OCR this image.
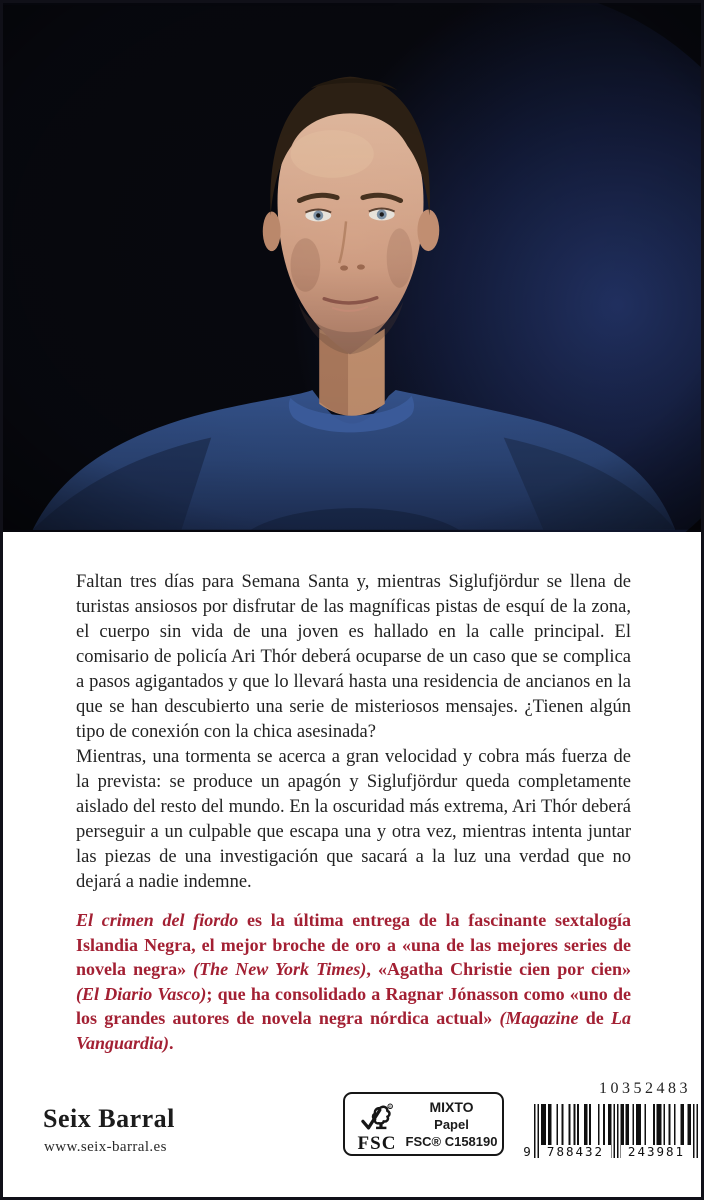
Faltan tres días para Semana Santa y, mientras Siglufjördur se llena de turistas ansiosos por disfrutar de las magníficas pistas de esquí de la zona, el cuerpo sin vida de una joven es hallado en la calle principal. El comisario de policía Ari Thór deberá ocuparse de un caso que se complica a pasos agigantados y que lo llevará hasta una residencia de ancianos en la que se han descubierto una serie de misteriosos mensajes. ¿Tienen algún tipo de conexión con la chica asesinada?

Mientras, una tormenta se acerca a gran velocidad y cobra más fuerza de la prevista: se produce un apagón y Siglufjördur queda completamente aislado del resto del mundo. En la oscuridad más extrema, Ari Thór deberá perseguir a un culpable que escapa una y otra vez, mientras intenta juntar las piezas de una investigación que sacará a la luz una verdad que no dejará a nadie indemne.

El crimen del fiordo es la última entrega de la fascinante sextalogía Islandia Negra, el mejor broche de oro a «una de las mejores series de novela negra» (The New York Times), «Agatha Christie cien por cien» (El Diario Vasco); que ha consolidado a Ragnar Jónasson como «uno de los grandes autores de novela negra nórdica actual» (Magazine de La Vanguardia).

Seix Barral
www.seix-barral.es
R
FSC
MIXTO
Papel
FSC® C158190
10352483
9	788432	243981
